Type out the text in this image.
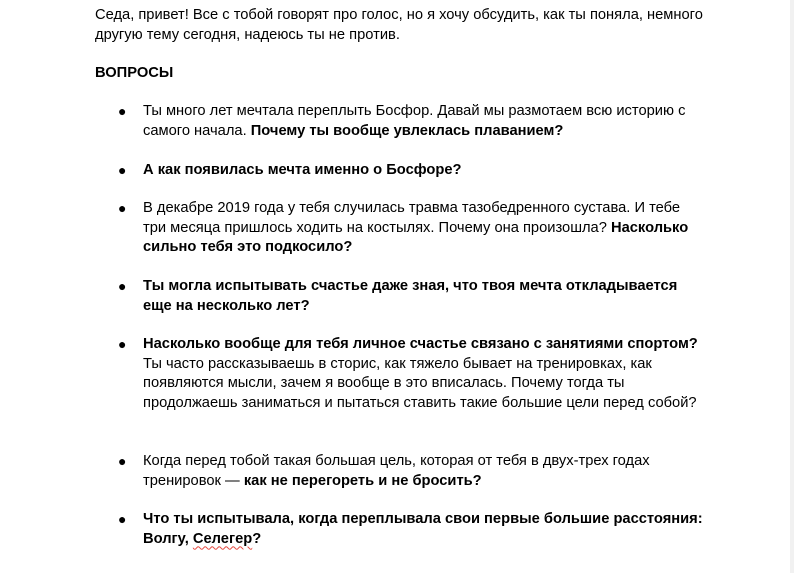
Седа, привет! Все с тобой говорят про голос, но я хочу обсудить, как ты поняла, немного другую тему сегодня, надеюсь ты не против.

ВОПРОСЫ

● Ты много лет мечтала переплыть Босфор. Давай мы размотаем всю историю с самого начала. Почему ты вообще увлеклась плаванием?
● А как появилась мечта именно о Босфоре?
● В декабре 2019 года у тебя случилась травма тазобедренного сустава. И тебе три месяца пришлось ходить на костылях. Почему она произошла? Насколько сильно тебя это подкосило?
● Ты могла испытывать счастье даже зная, что твоя мечта откладывается еще на несколько лет?
● Насколько вообще для тебя личное счастье связано с занятиями спортом? Ты часто рассказываешь в сторис, как тяжело бывает на тренировках, как появляются мысли, зачем я вообще в это вписалась. Почему тогда ты продолжаешь заниматься и пытаться ставить такие большие цели перед собой?
● Когда перед тобой такая большая цель, которая от тебя в двух-трех годах тренировок — как не перегореть и не бросить?
● Что ты испытывала, когда переплывала свои первые большие расстояния: Волгу, Селегер?
